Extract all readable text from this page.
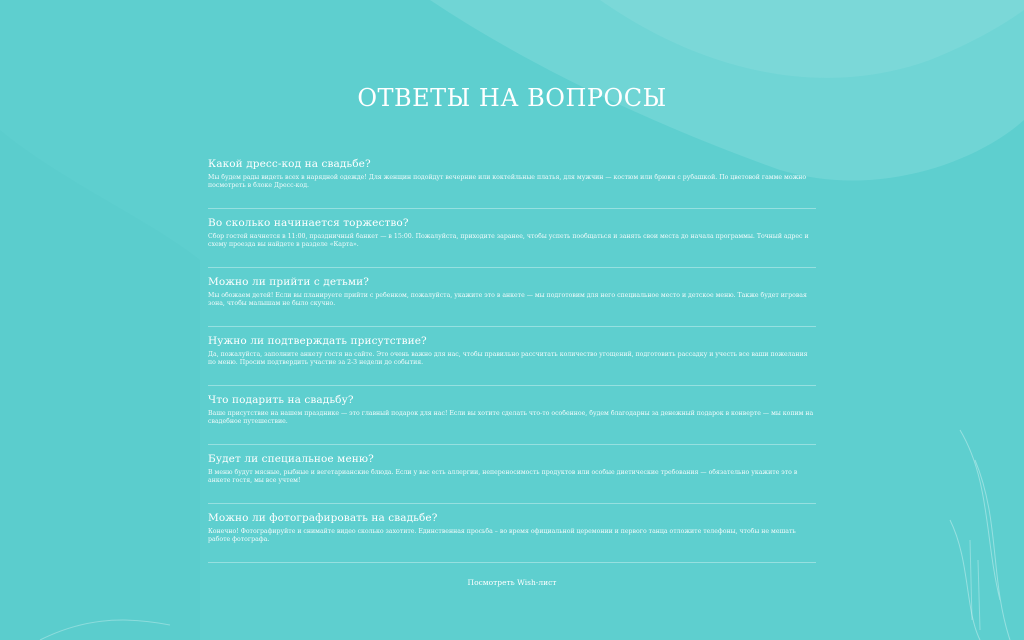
ОТВЕТЫ НА ВОПРОСЫ

Какой дресс-код на свадьбе?

Мы будем рады видеть всех в нарядной одежде! Для женщин подойдут вечерние или коктейльные платья, для мужчин — костюм или брюки с рубашкой. По цветовой гамме можно посмотреть в блоке Дресс-код.

Во сколько начинается торжество?

Сбор гостей начнется в 11:00, праздничный банкет — в 15:00. Пожалуйста, приходите заранее, чтобы успеть пообщаться и занять свои места до начала программы. Точный адрес и схему проезда вы найдете в разделе «Карта».

Можно ли прийти с детьми?

Мы обожаем детей! Если вы планируете прийти с ребенком, пожалуйста, укажите это в анкете — мы подготовим для него специальное место и детское меню. Также будет игровая зона, чтобы малышам не было скучно.

Нужно ли подтверждать присутствие?

Да, пожалуйста, заполните анкету гостя на сайте. Это очень важно для нас, чтобы правильно рассчитать количество угощений, подготовить рассадку и учесть все ваши пожелания по меню. Просим подтвердить участие за 2-3 недели до события.

Что подарить на свадьбу?

Ваше присутствие на нашем празднике — это главный подарок для нас! Если вы хотите сделать что-то особенное, будем благодарны за денежный подарок в конверте — мы копим на свадебное путешествие.

Будет ли специальное меню?

В меню будут мясные, рыбные и вегетарианские блюда. Если у вас есть аллергии, непереносимость продуктов или особые диетические требования — обязательно укажите это в анкете гостя, мы все учтем!

Можно ли фотографировать на свадьбе?

Конечно! Фотографируйте и снимайте видео сколько захотите. Единственная просьба – во время официальной церемонии и первого танца отложите телефоны, чтобы не мешать работе фотографа.

Посмотреть Wish-лист
